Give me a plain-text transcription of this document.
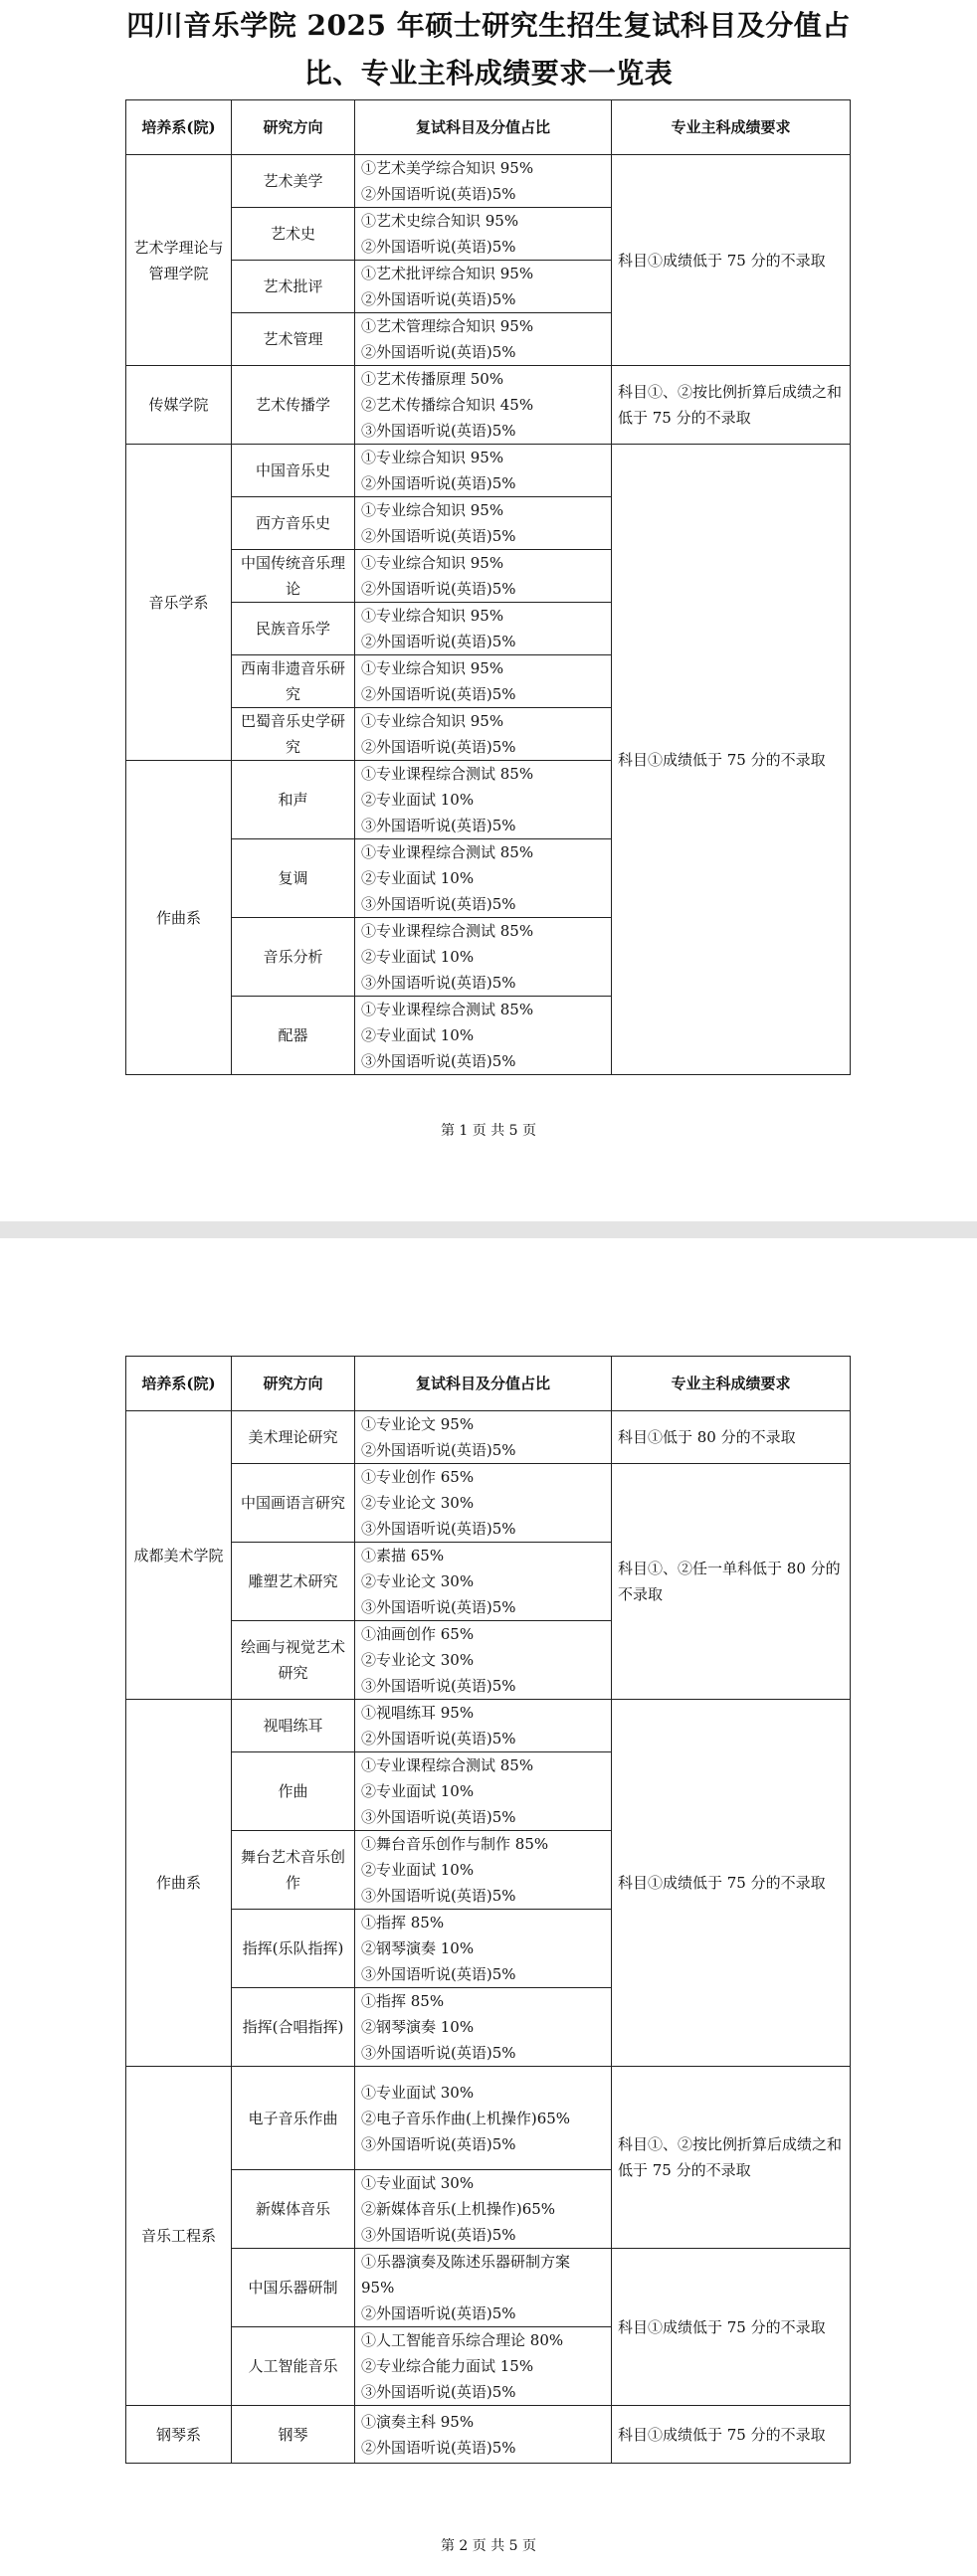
四川音乐学院 2025 年硕士研究生招生复试科目及分值占比、专业主科成绩要求一览表
培养系(院)	研究方向	复试科目及分值占比	专业主科成绩要求
艺术学理论与管理学院	艺术美学	①艺术美学综合知识 95%
②外国语听说(英语)5%	科目①成绩低于 75 分的不录取
	艺术史	①艺术史综合知识 95%
②外国语听说(英语)5%	

	艺术批评	①艺术批评综合知识 95%
②外国语听说(英语)5%	

	艺术管理	①艺术管理综合知识 95%
②外国语听说(英语)5%	

传媒学院	艺术传播学	①艺术传播原理 50%
②艺术传播综合知识 45%
③外国语听说(英语)5%	科目①、②按比例折算后成绩之和低于 75 分的不录取
音乐学系	中国音乐史	①专业综合知识 95%
②外国语听说(英语)5%	科目①成绩低于 75 分的不录取
	西方音乐史	①专业综合知识 95%
②外国语听说(英语)5%	

	中国传统音乐理论	①专业综合知识 95%
②外国语听说(英语)5%	

	民族音乐学	①专业综合知识 95%
②外国语听说(英语)5%	

	西南非遗音乐研究	①专业综合知识 95%
②外国语听说(英语)5%	

	巴蜀音乐史学研究	①专业综合知识 95%
②外国语听说(英语)5%	

作曲系	和声	①专业课程综合测试 85%
②专业面试 10%
③外国语听说(英语)5%	

	复调	①专业课程综合测试 85%
②专业面试 10%
③外国语听说(英语)5%	

	音乐分析	①专业课程综合测试 85%
②专业面试 10%
③外国语听说(英语)5%	

	配器	①专业课程综合测试 85%
②专业面试 10%
③外国语听说(英语)5%	
第 1 页 共 5 页
培养系(院)	研究方向	复试科目及分值占比	专业主科成绩要求
成都美术学院	美术理论研究	①专业论文 95%
②外国语听说(英语)5%	科目①低于 80 分的不录取
	中国画语言研究	①专业创作 65%
②专业论文 30%
③外国语听说(英语)5%	科目①、②任一单科低于 80 分的不录取
	雕塑艺术研究	①素描 65%
②专业论文 30%
③外国语听说(英语)5%	

	绘画与视觉艺术研究	①油画创作 65%
②专业论文 30%
③外国语听说(英语)5%	

作曲系	视唱练耳	①视唱练耳 95%
②外国语听说(英语)5%	科目①成绩低于 75 分的不录取
	作曲	①专业课程综合测试 85%
②专业面试 10%
③外国语听说(英语)5%	

	舞台艺术音乐创作	①舞台音乐创作与制作 85%
②专业面试 10%
③外国语听说(英语)5%	

	指挥(乐队指挥)	①指挥 85%
②钢琴演奏 10%
③外国语听说(英语)5%	

	指挥(合唱指挥)	①指挥 85%
②钢琴演奏 10%
③外国语听说(英语)5%	

音乐工程系	电子音乐作曲	①专业面试 30%
②电子音乐作曲(上机操作)65%
③外国语听说(英语)5%	科目①、②按比例折算后成绩之和低于 75 分的不录取
	新媒体音乐	①专业面试 30%
②新媒体音乐(上机操作)65%
③外国语听说(英语)5%	

	中国乐器研制	①乐器演奏及陈述乐器研制方案 95%
②外国语听说(英语)5%	科目①成绩低于 75 分的不录取
	人工智能音乐	①人工智能音乐综合理论 80%
②专业综合能力面试 15%
③外国语听说(英语)5%	

钢琴系	钢琴	①演奏主科 95%
②外国语听说(英语)5%	科目①成绩低于 75 分的不录取
第 2 页 共 5 页
